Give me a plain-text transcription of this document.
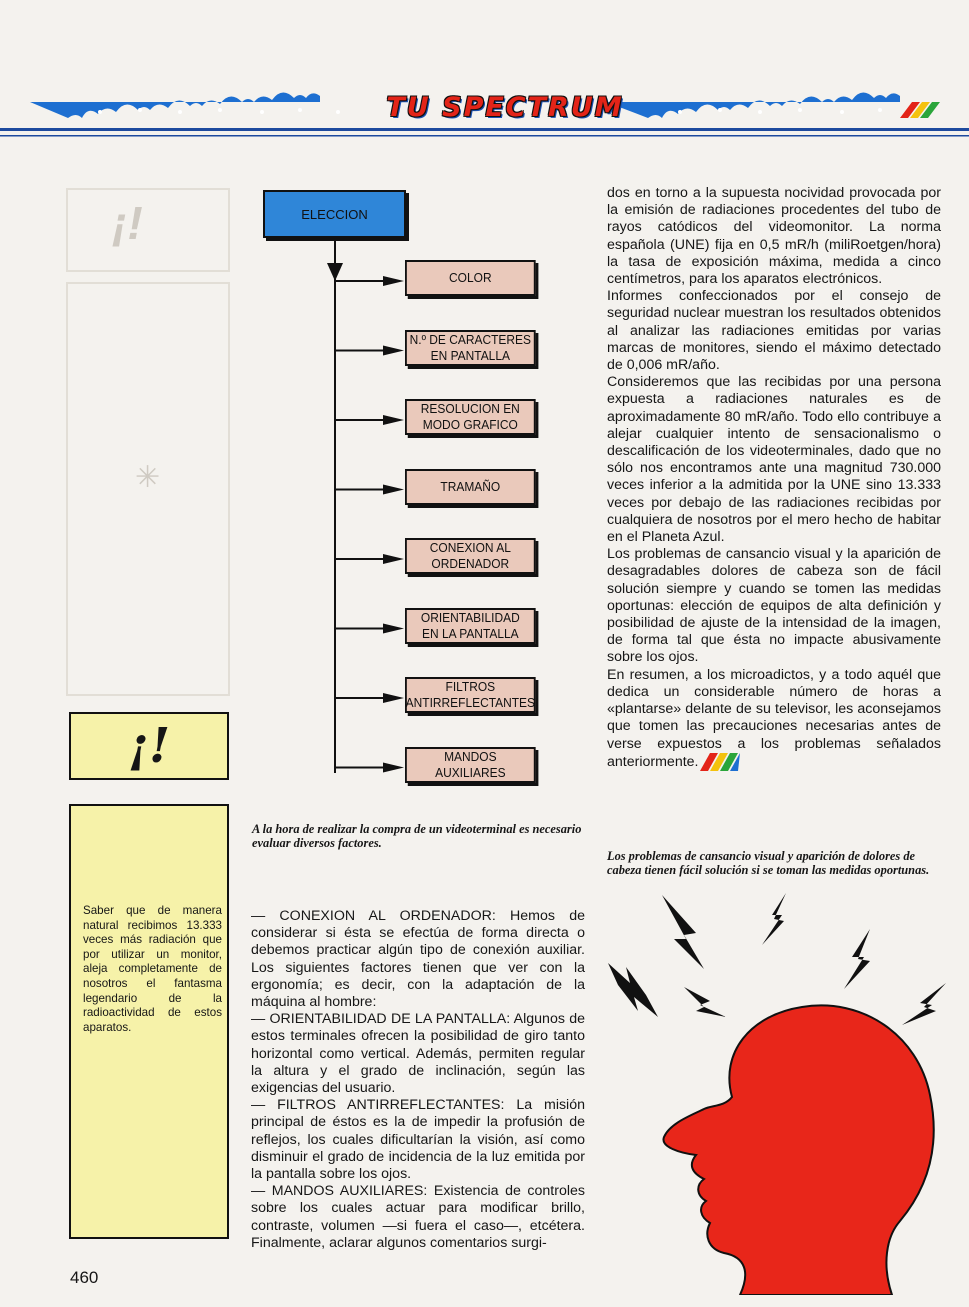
TU SPECTRUM
¡!
✳
¡!
Saber que de manera natural recibimos 13.333 veces más radiación que por utilizar un monitor, aleja completamente de nosotros el fantasma legendario de la radioactividad de estos aparatos.
ELECCION
COLOR
N.º DE CARACTERES
EN PANTALLA
RESOLUCION EN
MODO GRAFICO
TRAMAÑO
CONEXION AL
ORDENADOR
ORIENTABILIDAD
EN LA PANTALLA
FILTROS
ANTIRREFLECTANTES
MANDOS
AUXILIARES
A la hora de realizar la compra de un videoterminal es necesario evaluar diversos factores.

dos en torno a la supuesta nocividad provocada por la emisión de radiaciones procedentes del tubo de rayos catódicos del videomonitor. La norma española (UNE) fija en 0,5 mR/h (miliRoetgen/hora) la tasa de exposición máxima, medida a cinco centímetros, para los aparatos electrónicos.

Informes confeccionados por el consejo de seguridad nuclear muestran los resultados obtenidos al analizar las radiaciones emitidas por varias marcas de monitores, siendo el máximo detectado de 0,006 mR/año.

Consideremos que las recibidas por una persona expuesta a radiaciones naturales es de aproximadamente 80 mR/año. Todo ello contribuye a alejar cualquier intento de sensacionalismo o descalificación de los videoterminales, dado que no sólo nos encontramos ante una magnitud 730.000 veces inferior a la admitida por la UNE sino 13.333 veces por debajo de las radiaciones recibidas por cualquiera de nosotros por el mero hecho de habitar en el Planeta Azul.

Los problemas de cansancio visual y la aparición de desagradables dolores de cabeza son de fácil solución siempre y cuando se tomen las medidas oportunas: elección de equipos de alta definición y posibilidad de ajuste de la intensidad de la imagen, de forma tal que ésta no impacte abusivamente sobre los ojos.

En resumen, a los microadictos, y a todo aquél que dedica un considerable número de horas a «plantarse» delante de su televisor, les aconsejamos que tomen las precauciones necesarias antes de verse expuestos a los problemas señalados anteriormente.

Los problemas de cansancio visual y aparición de dolores de cabeza tienen fácil solución si se toman las medidas oportunas.

— CONEXION AL ORDENADOR: Hemos de considerar si ésta se efectúa de forma directa o debemos practicar algún tipo de conexión auxiliar. Los siguientes factores tienen que ver con la ergonomía; es decir, con la adaptación de la máquina al hombre:

— ORIENTABILIDAD DE LA PANTALLA: Algunos de estos terminales ofrecen la posibilidad de giro tanto horizontal como vertical. Además, permiten regular la altura y el grado de inclinación, según las exigencias del usuario.

— FILTROS ANTIRREFLECTANTES: La misión principal de éstos es la de impedir la profusión de reflejos, los cuales dificultarían la visión, así como disminuir el grado de incidencia de la luz emitida por la pantalla sobre los ojos.

— MANDOS AUXILIARES: Existencia de controles sobre los cuales actuar para modificar brillo, contraste, volumen —si fuera el caso—, etcétera. Finalmente, aclarar algunos comentarios surgi-

460
